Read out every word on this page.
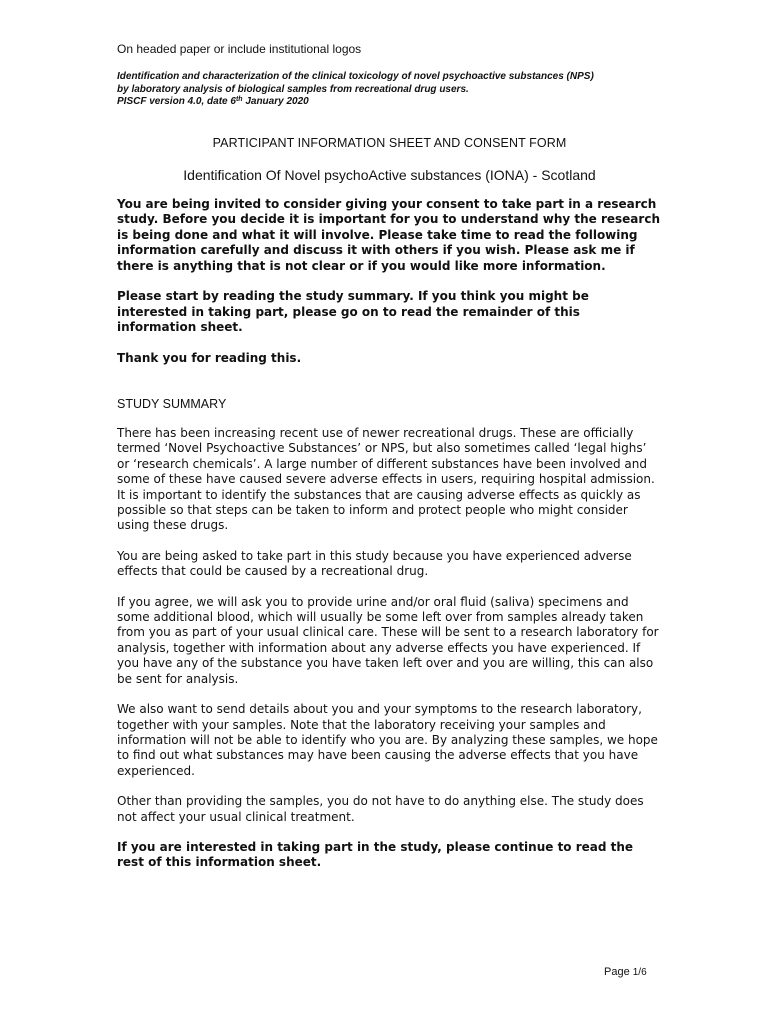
On headed paper or include institutional logos

Identification and characterization of the clinical toxicology of novel psychoactive substances (NPS)
by laboratory analysis of biological samples from recreational drug users.
PISCF version 4.0, date 6th January 2020
PARTICIPANT INFORMATION SHEET AND CONSENT FORM
Identification Of Novel psychoActive substances (IONA) - Scotland

You are being invited to consider giving your consent to take part in a research study. Before you decide it is important for you to understand why the research is being done and what it will involve. Please take time to read the following information carefully and discuss it with others if you wish. Please ask me if there is anything that is not clear or if you would like more information.

Please start by reading the study summary. If you think you might be interested in taking part, please go on to read the remainder of this information sheet.

Thank you for reading this.

STUDY SUMMARY

There has been increasing recent use of newer recreational drugs. These are officially termed ‘Novel Psychoactive Substances’ or NPS, but also sometimes called ‘legal highs’ or ‘research chemicals’. A large number of different substances have been involved and some of these have caused severe adverse effects in users, requiring hospital admission. It is important to identify the substances that are causing adverse effects as quickly as possible so that steps can be taken to inform and protect people who might consider using these drugs.

You are being asked to take part in this study because you have experienced adverse effects that could be caused by a recreational drug.

If you agree, we will ask you to provide urine and/or oral fluid (saliva) specimens and some additional blood, which will usually be some left over from samples already taken from you as part of your usual clinical care. These will be sent to a research laboratory for analysis, together with information about any adverse effects you have experienced. If you have any of the substance you have taken left over and you are willing, this can also be sent for analysis.

We also want to send details about you and your symptoms to the research laboratory, together with your samples. Note that the laboratory receiving your samples and information will not be able to identify who you are. By analyzing these samples, we hope to find out what substances may have been causing the adverse effects that you have experienced.

Other than providing the samples, you do not have to do anything else. The study does not affect your usual clinical treatment.

If you are interested in taking part in the study, please continue to read the rest of this information sheet.

Page 1/6
